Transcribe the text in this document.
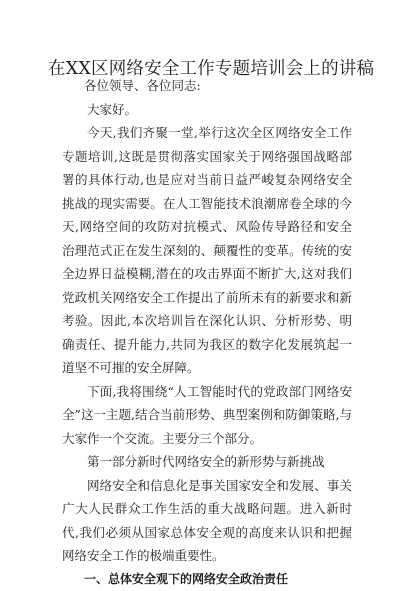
在XX区网络安全工作专题培训会上的讲稿

各位领导、各位同志:

大家好。

今天,我们齐聚一堂,举行这次全区网络安全工作专题培训,这既是贯彻落实国家关于网络强国战略部署的具体行动,也是应对当前日益严峻复杂网络安全挑战的现实需要。在人工智能技术浪潮席卷全球的今天,网络空间的攻防对抗模式、风险传导路径和安全治理范式正在发生深刻的、颠覆性的变革。传统的安全边界日益模糊,潜在的攻击界面不断扩大,这对我们党政机关网络安全工作提出了前所未有的新要求和新考验。因此,本次培训旨在深化认识、分析形势、明确责任、提升能力,共同为我区的数字化发展筑起一道坚不可摧的安全屏障。

下面,我将围绕“人工智能时代的党政部门网络安全”这一主题,结合当前形势、典型案例和防御策略,与大家作一个交流。主要分三个部分。

第一部分新时代网络安全的新形势与新挑战

网络安全和信息化是事关国家安全和发展、事关广大人民群众工作生活的重大战略问题。进入新时代,我们必须从国家总体安全观的高度来认识和把握网络安全工作的极端重要性。

一、总体安全观下的网络安全政治责任
